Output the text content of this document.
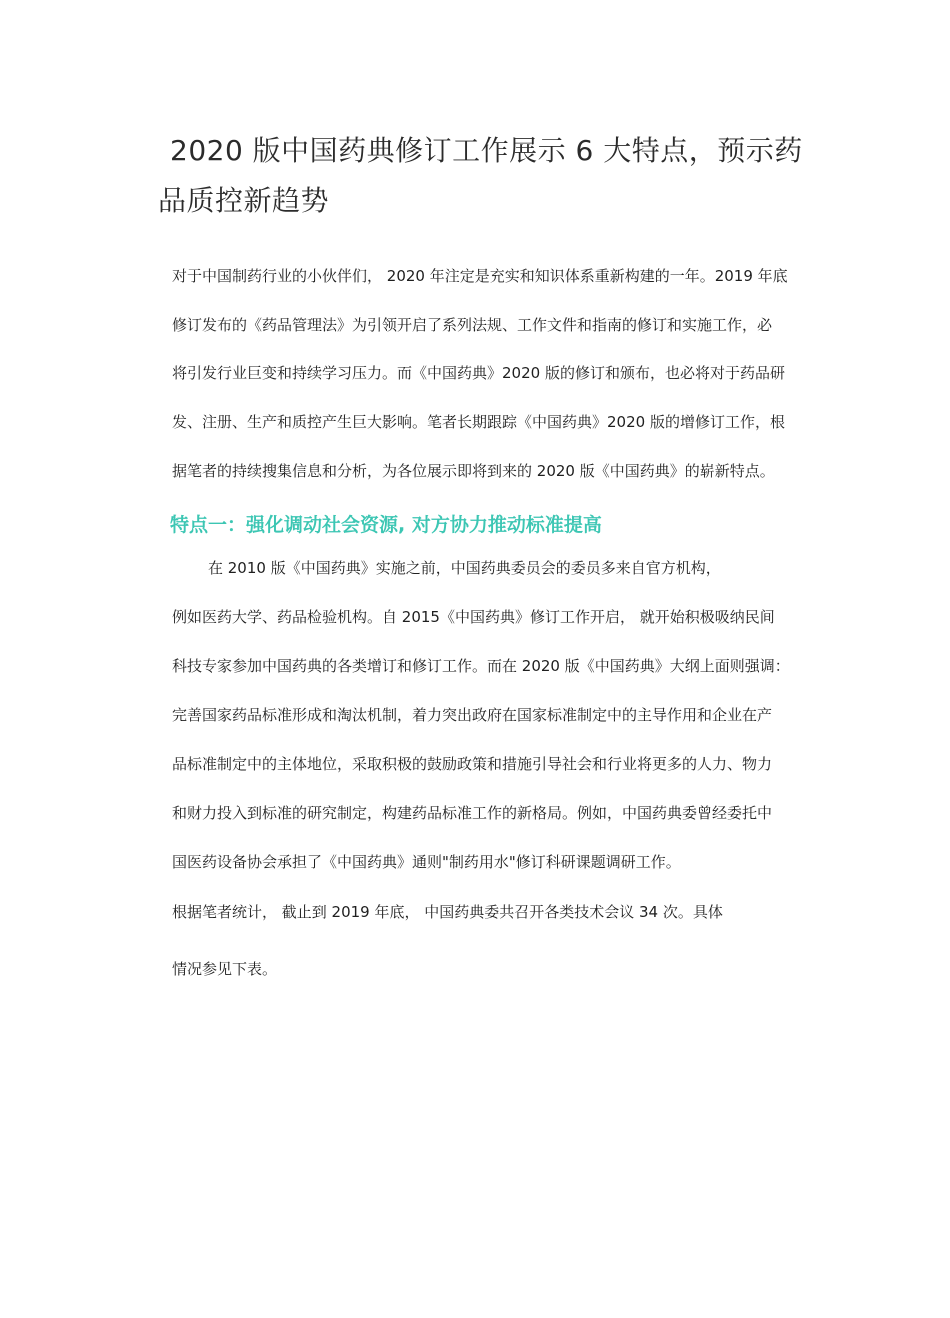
2020 版中国药典修订工作展示 6 大特点，预示药品质控新趋势
对于中国制药行业的小伙伴们， 2020 年注定是充实和知识体系重新构建的一年。2019 年底
修订发布的《药品管理法》为引领开启了系列法规、工作文件和指南的修订和实施工作，必
将引发行业巨变和持续学习压力。而《中国药典》2020 版的修订和颁布，也必将对于药品研
发、注册、生产和质控产生巨大影响。笔者长期跟踪《中国药典》2020 版的增修订工作，根
据笔者的持续搜集信息和分析，为各位展示即将到来的 2020 版《中国药典》的崭新特点。
特点一：强化调动社会资源, 对方协力推动标准提高
在 2010 版《中国药典》实施之前，中国药典委员会的委员多来自官方机构，
例如医药大学、药品检验机构。自 2015《中国药典》修订工作开启， 就开始积极吸纳民间
科技专家参加中国药典的各类增订和修订工作。而在 2020 版《中国药典》大纲上面则强调：
完善国家药品标准形成和淘汰机制，着力突出政府在国家标准制定中的主导作用和企业在产
品标准制定中的主体地位，采取积极的鼓励政策和措施引导社会和行业将更多的人力、物力
和财力投入到标准的研究制定，构建药品标准工作的新格局。例如，中国药典委曾经委托中
国医药设备协会承担了《中国药典》通则"制药用水"修订科研课题调研工作。
根据笔者统计， 截止到 2019 年底， 中国药典委共召开各类技术会议 34 次。具体
情况参见下表。
